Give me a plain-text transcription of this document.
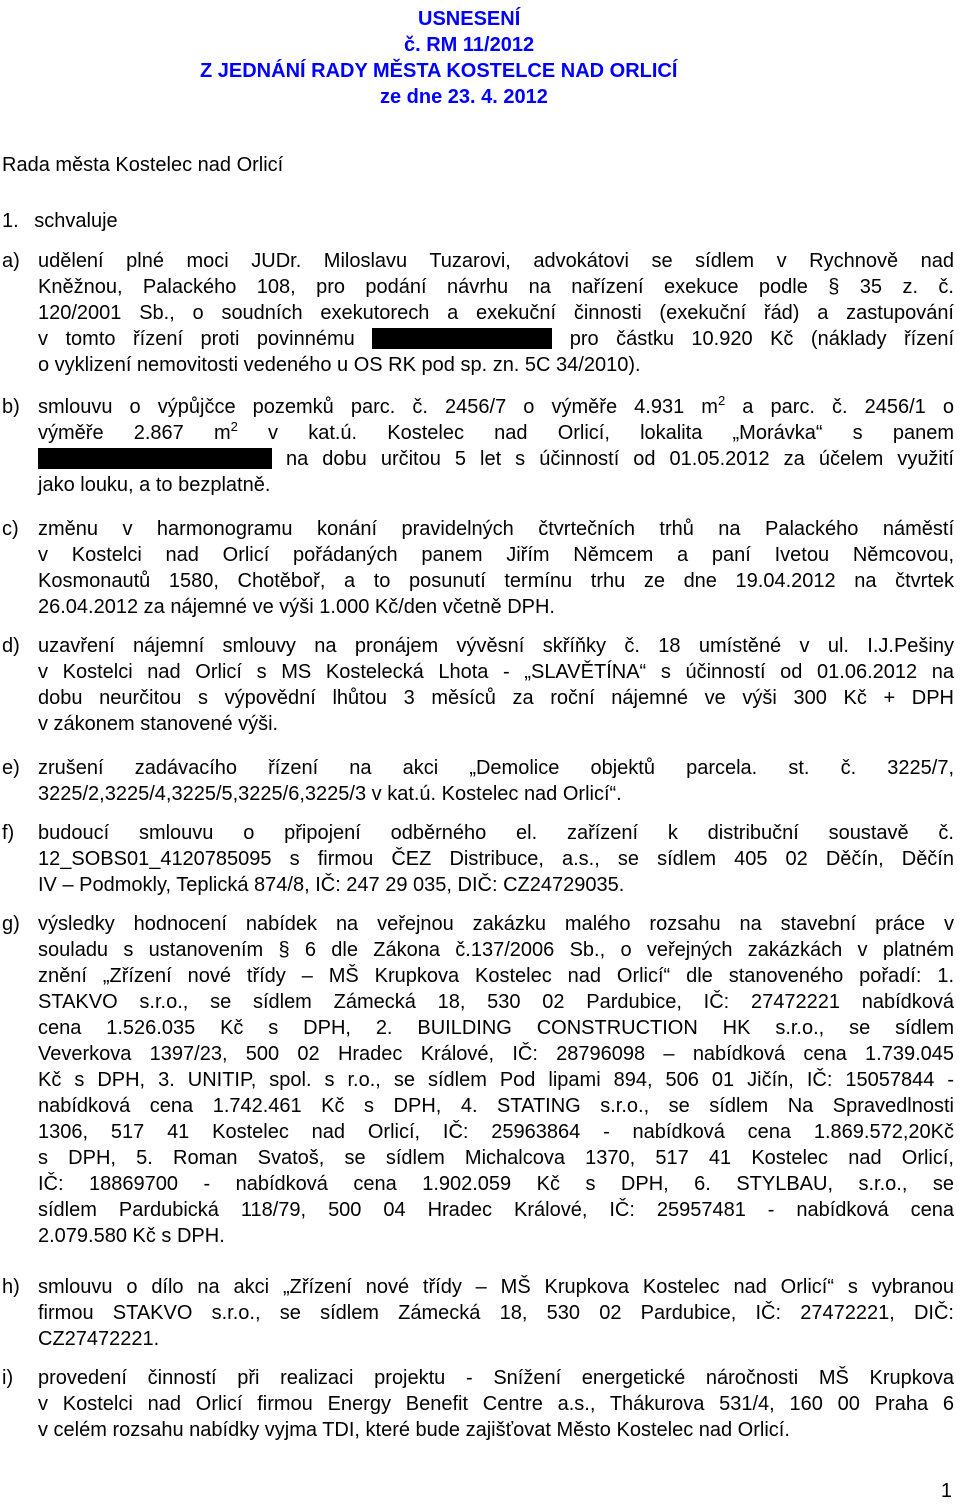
USNESENÍ
č. RM 11/2012
Z JEDNÁNÍ RADY MĚSTA KOSTELCE NAD ORLICÍ
ze dne 23. 4. 2012
Rada města Kostelec nad Orlicí
1. schvaluje
a) udělení plné moci JUDr. Miloslavu Tuzarovi, advokátovi se sídlem v Rychnově nad
Kněžnou, Palackého 108, pro podání návrhu na nařízení exekuce podle § 35 z. č.
120/2001 Sb., o soudních exekutorech a exekuční činnosti (exekuční řád) a zastupování
v tomto řízení proti povinnému	pro částku 10.920 Kč (náklady řízení
o vyklizení nemovitosti vedeného u OS RK pod sp. zn. 5C 34/2010).
b) smlouvu o výpůjčce pozemků parc. č. 2456/7 o výměře 4.931 $m^2$ a parc. č. 2456/1 o
výměře 2.867 $m^2$ v kat.ú. Kostelec nad Orlicí, lokalita „Morávka“ s panem
na dobu určitou 5 let s účinností od 01.05.2012 za účelem využití
jako louku, a to bezplatně.
c) změnu v harmonogramu konání pravidelných čtvrtečních trhů na Palackého náměstí
v Kostelci nad Orlicí pořádaných panem Jiřím Němcem a paní Ivetou Němcovou,
Kosmonautů 1580, Chotěboř, a to posunutí termínu trhu ze dne 19.04.2012 na čtvrtek
26.04.2012 za nájemné ve výši 1.000 Kč/den včetně DPH.
d) uzavření nájemní smlouvy na pronájem vývěsní skříňky č. 18 umístěné v ul. I.J.Pešiny
v Kostelci nad Orlicí s MS Kostelecká Lhota - „SLAVĚTÍNA“ s účinností od 01.06.2012 na
dobu neurčitou s výpovědní lhůtou 3 měsíců za roční nájemné ve výši 300 Kč + DPH
v zákonem stanovené výši.
e) zrušení zadávacího řízení na akci „Demolice objektů parcela. st. č. 3225/7,
3225/2,3225/4,3225/5,3225/6,3225/3 v kat.ú. Kostelec nad Orlicí“.
f) budoucí smlouvu o připojení odběrného el. zařízení k distribuční soustavě č.
12_SOBS01_4120785095 s firmou ČEZ Distribuce, a.s., se sídlem 405 02 Děčín, Děčín
IV – Podmokly, Teplická 874/8, IČ: 247 29 035, DIČ: CZ24729035.
g) výsledky hodnocení nabídek na veřejnou zakázku malého rozsahu na stavební práce v
souladu s ustanovením § 6 dle Zákona č.137/2006 Sb., o veřejných zakázkách v platném
znění „Zřízení nové třídy – MŠ Krupkova Kostelec nad Orlicí“ dle stanoveného pořadí: 1.
STAKVO s.r.o., se sídlem Zámecká 18, 530 02 Pardubice, IČ: 27472221 nabídková
cena 1.526.035 Kč s DPH, 2. BUILDING CONSTRUCTION HK s.r.o., se sídlem
Veverkova 1397/23, 500 02 Hradec Králové, IČ: 28796098 – nabídková cena 1.739.045
Kč s DPH, 3. UNITIP, spol. s r.o., se sídlem Pod lipami 894, 506 01 Jičín, IČ: 15057844 -
nabídková cena 1.742.461 Kč s DPH, 4. STATING s.r.o., se sídlem Na Spravedlnosti
1306, 517 41 Kostelec nad Orlicí, IČ: 25963864 - nabídková cena 1.869.572,20Kč
s DPH, 5. Roman Svatoš, se sídlem Michalcova 1370, 517 41 Kostelec nad Orlicí,
IČ: 18869700 - nabídková cena 1.902.059 Kč s DPH, 6. STYLBAU, s.r.o., se
sídlem Pardubická 118/79, 500 04 Hradec Králové, IČ: 25957481 - nabídková cena
2.079.580 Kč s DPH.
h) smlouvu o dílo na akci „Zřízení nové třídy – MŠ Krupkova Kostelec nad Orlicí“ s vybranou
firmou STAKVO s.r.o., se sídlem Zámecká 18, 530 02 Pardubice, IČ: 27472221, DIČ:
CZ27472221.
i) provedení činností při realizaci projektu - Snížení energetické náročnosti MŠ Krupkova
v Kostelci nad Orlicí firmou Energy Benefit Centre a.s., Thákurova 531/4, 160 00 Praha 6
v celém rozsahu nabídky vyjma TDI, které bude zajišťovat Město Kostelec nad Orlicí.
1
